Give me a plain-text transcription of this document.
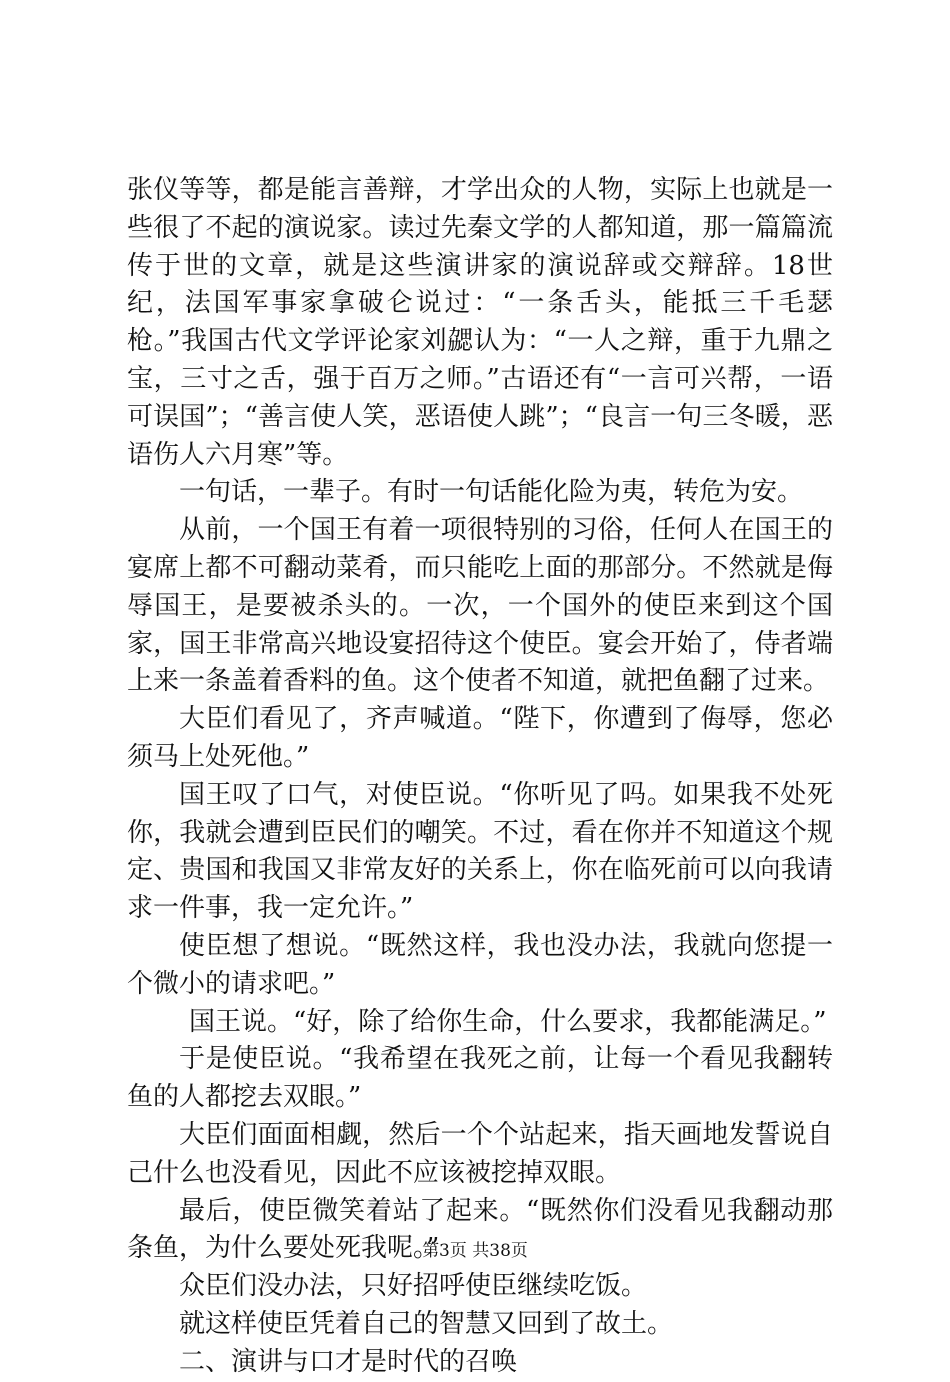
张仪等等，都是能言善辩，才学出众的人物，实际上也就是一些很了不起的演说家。读过先秦文学的人都知道，那一篇篇流传于世的文章，就是这些演讲家的演说辞或交辩辞。18世纪，法国军事家拿破仑说过：“一条舌头，能抵三千毛瑟枪。”我国古代文学评论家刘勰认为：“一人之辩，重于九鼎之宝，三寸之舌，强于百万之师。”古语还有“一言可兴帮，一语可误国”；“善言使人笑，恶语使人跳”；“良言一句三冬暖，恶语伤人六月寒”等。

一句话，一辈子。有时一句话能化险为夷，转危为安。

从前，一个国王有着一项很特别的习俗，任何人在国王的宴席上都不可翻动菜肴，而只能吃上面的那部分。不然就是侮辱国王，是要被杀头的。一次，一个国外的使臣来到这个国家，国王非常高兴地设宴招待这个使臣。宴会开始了，侍者端上来一条盖着香料的鱼。这个使者不知道，就把鱼翻了过来。

大臣们看见了，齐声喊道。“陛下，你遭到了侮辱，您必须马上处死他。”

国王叹了口气，对使臣说。“你听见了吗。如果我不处死你，我就会遭到臣民们的嘲笑。不过，看在你并不知道这个规定、贵国和我国又非常友好的关系上，你在临死前可以向我请求一件事，我一定允许。”

使臣想了想说。“既然这样，我也没办法，我就向您提一个微小的请求吧。”

国王说。“好，除了给你生命，什么要求，我都能满足。”

于是使臣说。“我希望在我死之前，让每一个看见我翻转鱼的人都挖去双眼。”

大臣们面面相觑，然后一个个站起来，指天画地发誓说自己什么也没看见，因此不应该被挖掉双眼。

最后，使臣微笑着站了起来。“既然你们没看见我翻动那条鱼，为什么要处死我呢。”

众臣们没办法，只好招呼使臣继续吃饭。

就这样使臣凭着自己的智慧又回到了故土。

二、演讲与口才是时代的召唤

第3页 共38页
